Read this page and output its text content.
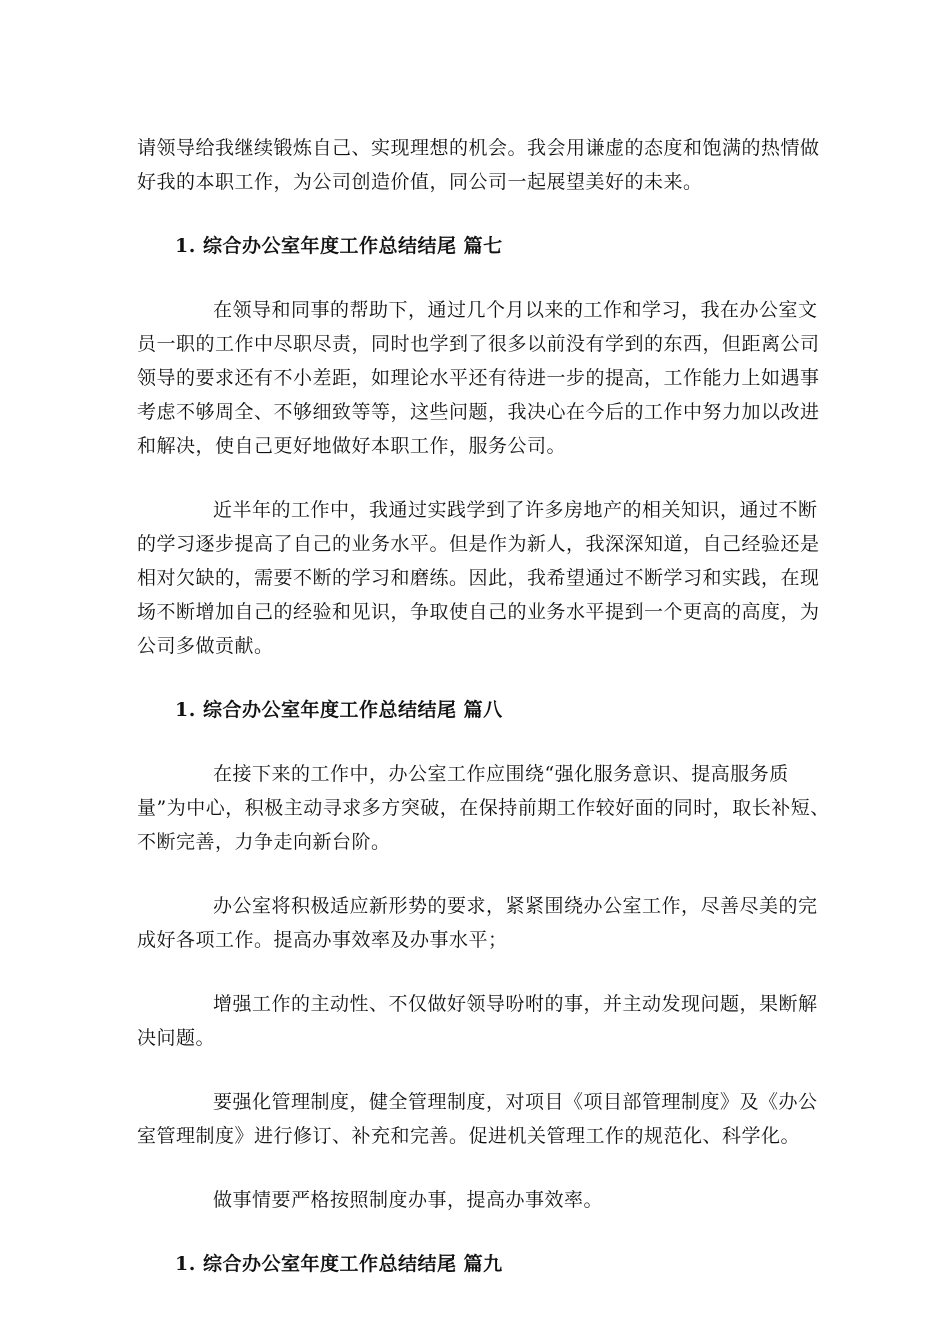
请领导给我继续锻炼自己、实现理想的机会。我会用谦虚的态度和饱满的热情做
好我的本职工作，为公司创造价值，同公司一起展望美好的未来。

1. 综合办公室年度工作总结结尾 篇七

在领导和同事的帮助下，通过几个月以来的工作和学习，我在办公室文
员一职的工作中尽职尽责，同时也学到了很多以前没有学到的东西，但距离公司
领导的要求还有不小差距，如理论水平还有待进一步的提高，工作能力上如遇事
考虑不够周全、不够细致等等，这些问题，我决心在今后的工作中努力加以改进
和解决，使自己更好地做好本职工作，服务公司。

近半年的工作中，我通过实践学到了许多房地产的相关知识，通过不断
的学习逐步提高了自己的业务水平。但是作为新人，我深深知道，自己经验还是
相对欠缺的，需要不断的学习和磨练。因此，我希望通过不断学习和实践，在现
场不断增加自己的经验和见识，争取使自己的业务水平提到一个更高的高度，为
公司多做贡献。

1. 综合办公室年度工作总结结尾 篇八

在接下来的工作中，办公室工作应围绕“强化服务意识、提高服务质
量”为中心，积极主动寻求多方突破，在保持前期工作较好面的同时，取长补短、
不断完善，力争走向新台阶。

办公室将积极适应新形势的要求，紧紧围绕办公室工作，尽善尽美的完
成好各项工作。提高办事效率及办事水平；

增强工作的主动性、不仅做好领导吩咐的事，并主动发现问题，果断解
决问题。

要强化管理制度，健全管理制度，对项目《项目部管理制度》及《办公
室管理制度》进行修订、补充和完善。促进机关管理工作的规范化、科学化。

做事情要严格按照制度办事，提高办事效率。

1. 综合办公室年度工作总结结尾 篇九
